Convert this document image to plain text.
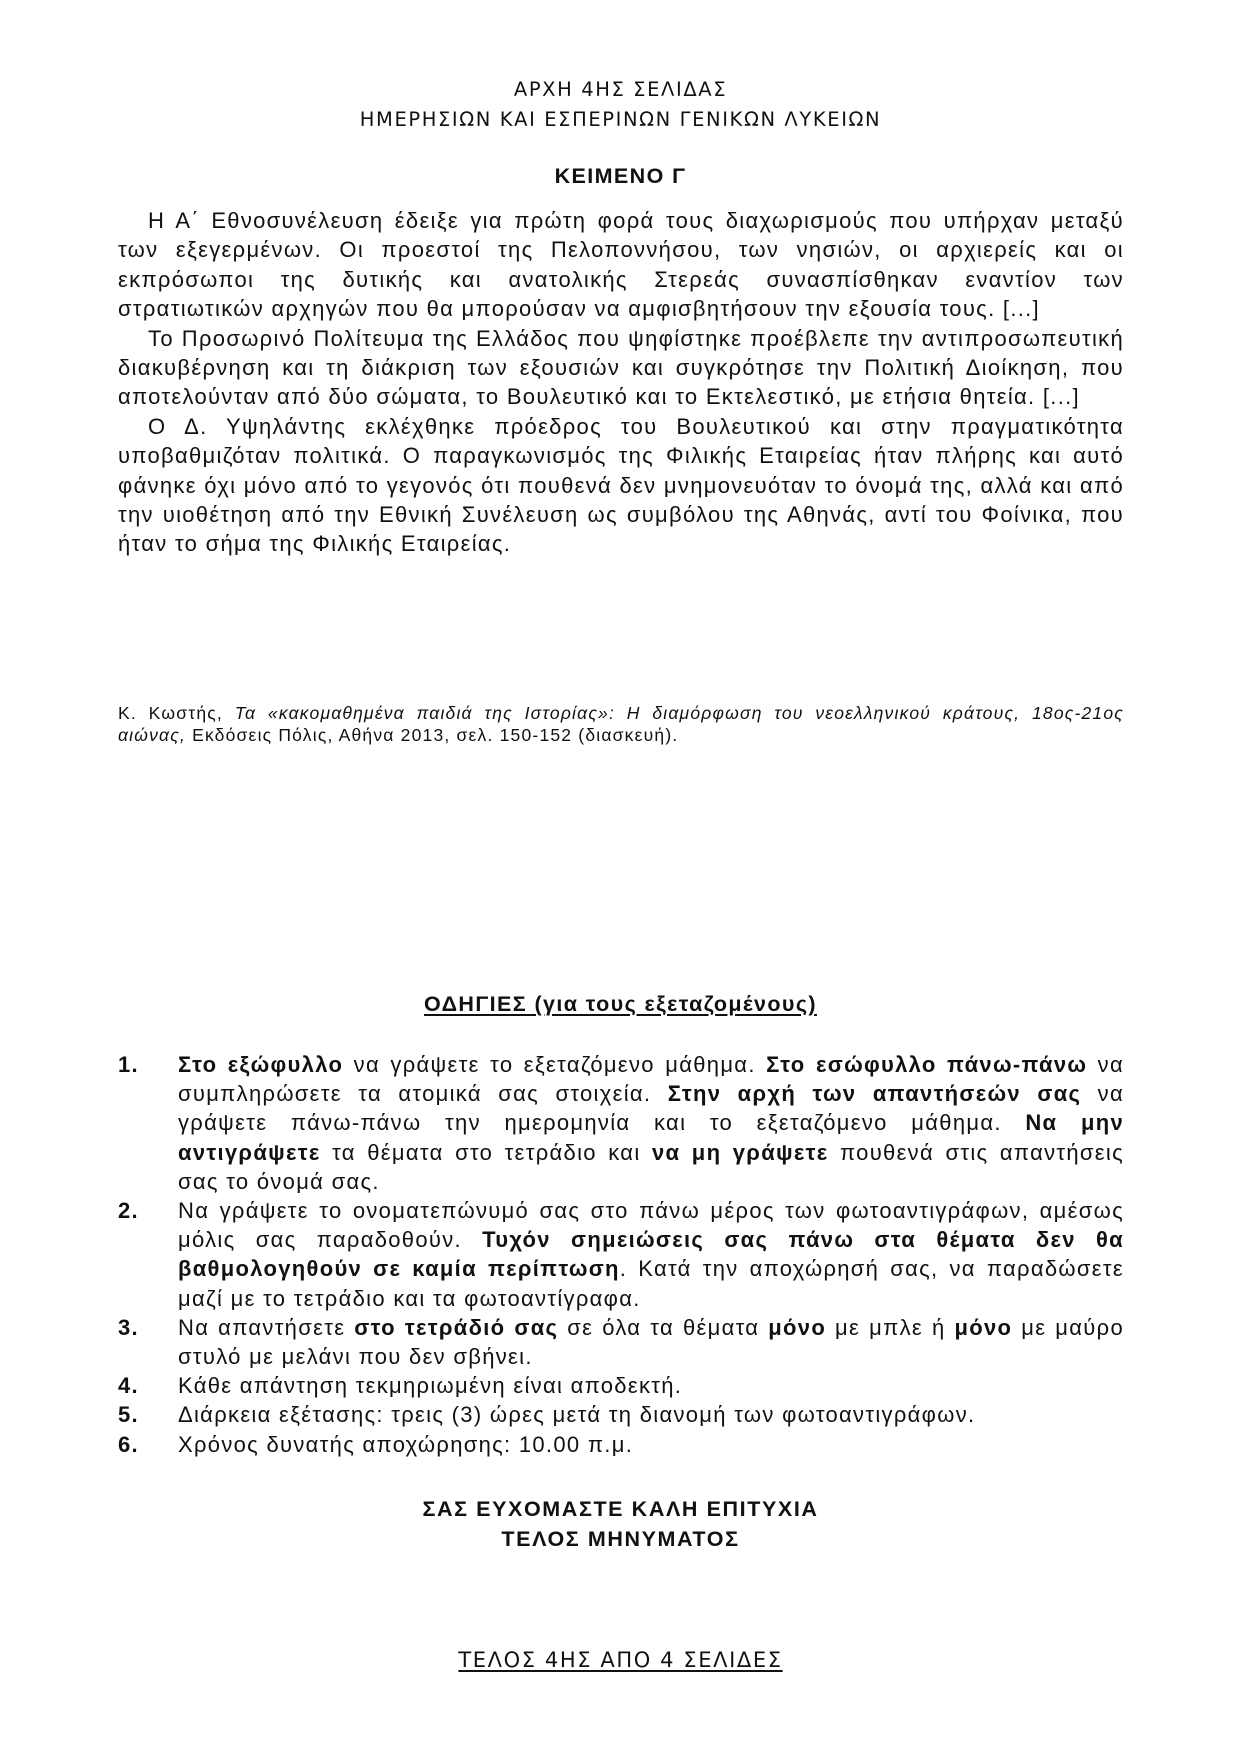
ΑΡΧΗ 4ΗΣ ΣΕΛΙΔΑΣ
ΗΜΕΡΗΣΙΩΝ ΚΑΙ ΕΣΠΕΡΙΝΩΝ ΓΕΝΙΚΩΝ ΛΥΚΕΙΩΝ
ΚΕΙΜΕΝΟ Γ

Η Α΄ Εθνοσυνέλευση έδειξε για πρώτη φορά τους διαχωρισμούς που υπήρχαν μεταξύ των εξεγερμένων. Οι προεστοί της Πελοποννήσου, των νησιών, οι αρχιερείς και οι εκπρόσωποι της δυτικής και ανατολικής Στερεάς συνασπίσθηκαν εναντίον των στρατιωτικών αρχηγών που θα μπορούσαν να αμφισβητήσουν την εξουσία τους. [...]

Το Προσωρινό Πολίτευμα της Ελλάδος που ψηφίστηκε προέβλεπε την αντιπροσωπευτική διακυβέρνηση και τη διάκριση των εξουσιών και συγκρότησε την Πολιτική Διοίκηση, που αποτελούνταν από δύο σώματα, το Βουλευτικό και το Εκτελεστικό, με ετήσια θητεία. [...]

Ο Δ. Υψηλάντης εκλέχθηκε πρόεδρος του Βουλευτικού και στην πραγματικότητα υποβαθμιζόταν πολιτικά. Ο παραγκωνισμός της Φιλικής Εταιρείας ήταν πλήρης και αυτό φάνηκε όχι μόνο από το γεγονός ότι πουθενά δεν μνημονευόταν το όνομά της, αλλά και από την υιοθέτηση από την Εθνική Συνέλευση ως συμβόλου της Αθηνάς, αντί του Φοίνικα, που ήταν το σήμα της Φιλικής Εταιρείας.

Κ. Κωστής, Τα «κακομαθημένα παιδιά της Ιστορίας»: Η διαμόρφωση του νεοελληνικού κράτους, 18ος-21ος αιώνας, Εκδόσεις Πόλις, Αθήνα 2013, σελ. 150-152 (διασκευή).
ΟΔΗΓΙΕΣ (για τους εξεταζομένους)
1. Στο εξώφυλλο να γράψετε το εξεταζόμενο μάθημα. Στο εσώφυλλο πάνω-πάνω να συμπληρώσετε τα ατομικά σας στοιχεία. Στην αρχή των απαντήσεών σας να γράψετε πάνω-πάνω την ημερομηνία και το εξεταζόμενο μάθημα. Να μην αντιγράψετε τα θέματα στο τετράδιο και να μη γράψετε πουθενά στις απαντήσεις σας το όνομά σας.
2. Να γράψετε το ονοματεπώνυμό σας στο πάνω μέρος των φωτοαντιγράφων, αμέσως μόλις σας παραδοθούν. Τυχόν σημειώσεις σας πάνω στα θέματα δεν θα βαθμολογηθούν σε καμία περίπτωση. Κατά την αποχώρησή σας, να παραδώσετε μαζί με το τετράδιο και τα φωτοαντίγραφα.
3. Να απαντήσετε στο τετράδιό σας σε όλα τα θέματα μόνο με μπλε ή μόνο με μαύρο στυλό με μελάνι που δεν σβήνει.
4. Κάθε απάντηση τεκμηριωμένη είναι αποδεκτή.
5. Διάρκεια εξέτασης: τρεις (3) ώρες μετά τη διανομή των φωτοαντιγράφων.
6. Χρόνος δυνατής αποχώρησης: 10.00 π.μ.
ΣΑΣ ΕΥΧΟΜΑΣΤΕ ΚΑΛΗ ΕΠΙΤΥΧΙΑ
ΤΕΛΟΣ ΜΗΝΥΜΑΤΟΣ
ΤΕΛΟΣ 4ΗΣ ΑΠΟ 4 ΣΕΛΙΔΕΣ
